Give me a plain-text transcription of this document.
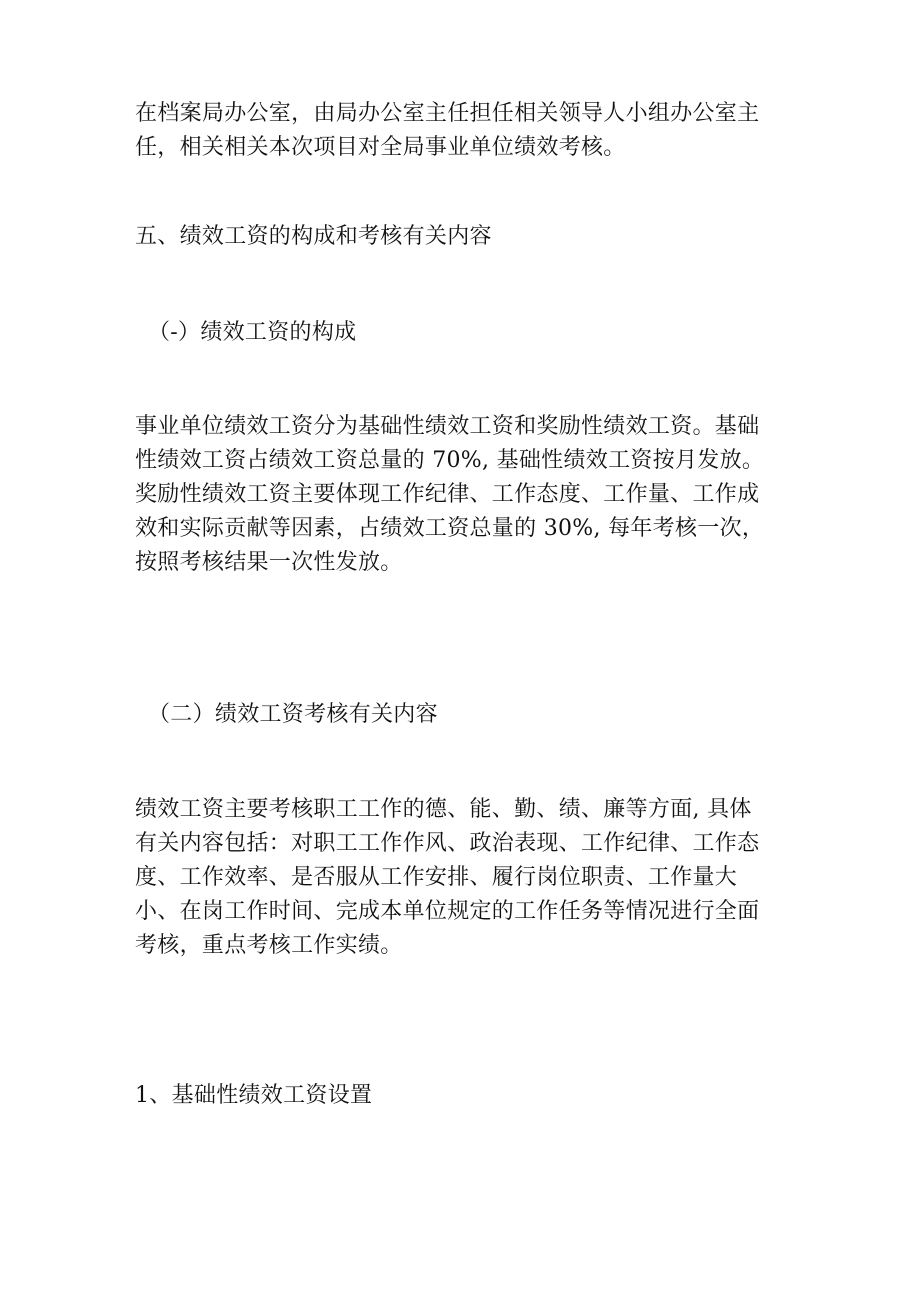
在档案局办公室，由局办公室主任担任相关领导人小组办公室主
任，相关相关本次项目对全局事业单位绩效考核。
五、绩效工资的构成和考核有关内容
（-）绩效工资的构成
事业单位绩效工资分为基础性绩效工资和奖励性绩效工资。基础
性绩效工资占绩效工资总量的 70%, 基础性绩效工资按月发放。
奖励性绩效工资主要体现工作纪律、工作态度、工作量、工作成
效和实际贡献等因素，占绩效工资总量的 30%, 每年考核一次，
按照考核结果一次性发放。
（二）绩效工资考核有关内容
绩效工资主要考核职工工作的德、能、勤、绩、廉等方面, 具体
有关内容包括：对职工工作作风、政治表现、工作纪律、工作态
度、工作效率、是否服从工作安排、履行岗位职责、工作量大
小、在岗工作时间、完成本单位规定的工作任务等情况进行全面
考核，重点考核工作实绩。
1、基础性绩效工资设置
